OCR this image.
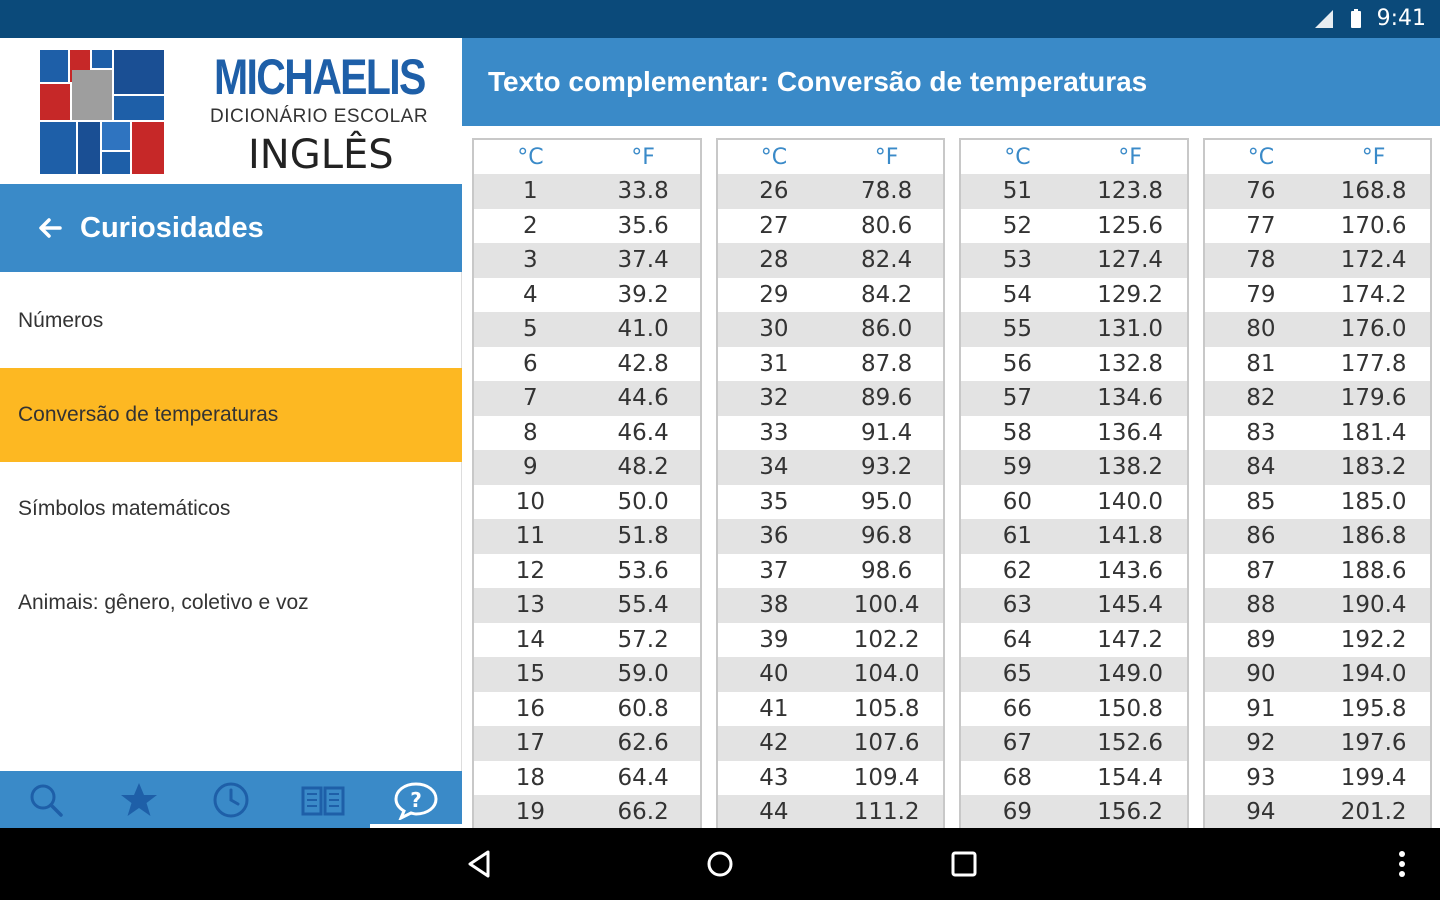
9:41
MICHAELIS
DICIONÁRIO ESCOLAR
INGLÊS
Curiosidades
Números
Conversão de temperaturas
Símbolos matemáticos
Animais: gênero, coletivo e voz
?
Texto complementar: Conversão de temperaturas
°C	°F
1	33.8
2	35.6
3	37.4
4	39.2
5	41.0
6	42.8
7	44.6
8	46.4
9	48.2
10	50.0
11	51.8
12	53.6
13	55.4
14	57.2
15	59.0
16	60.8
17	62.6
18	64.4
19	66.2
°C	°F
26	78.8
27	80.6
28	82.4
29	84.2
30	86.0
31	87.8
32	89.6
33	91.4
34	93.2
35	95.0
36	96.8
37	98.6
38	100.4
39	102.2
40	104.0
41	105.8
42	107.6
43	109.4
44	111.2
°C	°F
51	123.8
52	125.6
53	127.4
54	129.2
55	131.0
56	132.8
57	134.6
58	136.4
59	138.2
60	140.0
61	141.8
62	143.6
63	145.4
64	147.2
65	149.0
66	150.8
67	152.6
68	154.4
69	156.2
°C	°F
76	168.8
77	170.6
78	172.4
79	174.2
80	176.0
81	177.8
82	179.6
83	181.4
84	183.2
85	185.0
86	186.8
87	188.6
88	190.4
89	192.2
90	194.0
91	195.8
92	197.6
93	199.4
94	201.2
